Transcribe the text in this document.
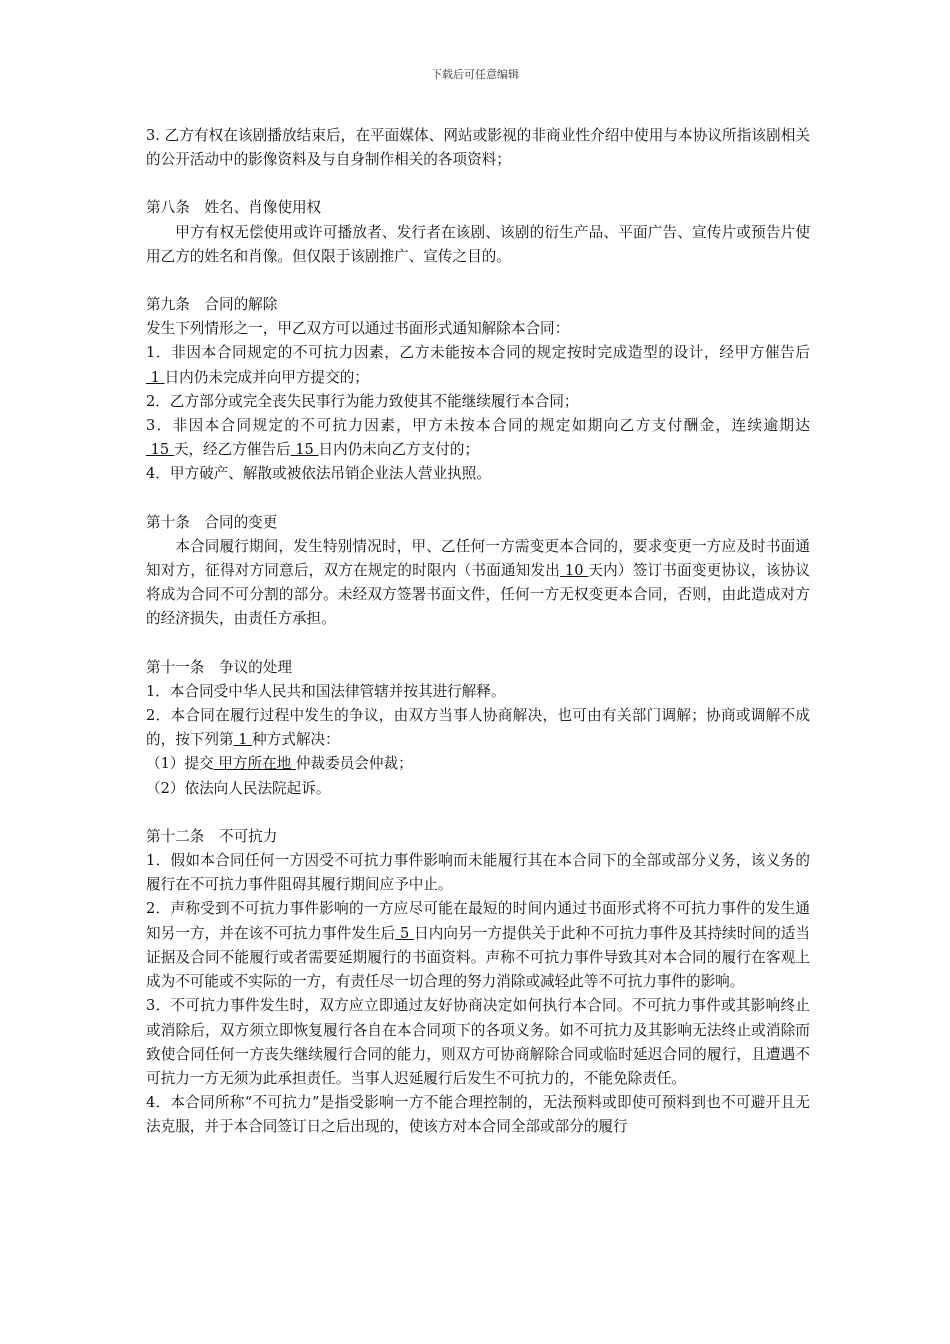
下载后可任意编辑

3. 乙方有权在该剧播放结束后，在平面媒体、网站或影视的非商业性介绍中使用与本协议所指该剧相关的公开活动中的影像资料及与自身制作相关的各项资料；

第八条　姓名、肖像使用权

甲方有权无偿使用或许可播放者、发行者在该剧、该剧的衍生产品、平面广告、宣传片或预告片使用乙方的姓名和肖像。但仅限于该剧推广、宣传之目的。

第九条　合同的解除

发生下列情形之一，甲乙双方可以通过书面形式通知解除本合同：

1．非因本合同规定的不可抗力因素，乙方未能按本合同的规定按时完成造型的设计，经甲方催告后 1 日内仍未完成并向甲方提交的；

2．乙方部分或完全丧失民事行为能力致使其不能继续履行本合同；

3．非因本合同规定的不可抗力因素，甲方未按本合同的规定如期向乙方支付酬金，连续逾期达 15 天，经乙方催告后 15 日内仍未向乙方支付的；

4．甲方破产、解散或被依法吊销企业法人营业执照。

第十条　合同的变更

本合同履行期间，发生特别情况时，甲、乙任何一方需变更本合同的，要求变更一方应及时书面通知对方，征得对方同意后，双方在规定的时限内（书面通知发出 10 天内）签订书面变更协议，该协议将成为合同不可分割的部分。未经双方签署书面文件，任何一方无权变更本合同，否则，由此造成对方的经济损失，由责任方承担。

第十一条　争议的处理

1．本合同受中华人民共和国法律管辖并按其进行解释。

2．本合同在履行过程中发生的争议，由双方当事人协商解决，也可由有关部门调解；协商或调解不成的，按下列第 1 种方式解决：

（1）提交 甲方所在地 仲裁委员会仲裁；

（2）依法向人民法院起诉。

第十二条　不可抗力

1．假如本合同任何一方因受不可抗力事件影响而未能履行其在本合同下的全部或部分义务，该义务的履行在不可抗力事件阻碍其履行期间应予中止。

2．声称受到不可抗力事件影响的一方应尽可能在最短的时间内通过书面形式将不可抗力事件的发生通知另一方，并在该不可抗力事件发生后 5 日内向另一方提供关于此种不可抗力事件及其持续时间的适当证据及合同不能履行或者需要延期履行的书面资料。声称不可抗力事件导致其对本合同的履行在客观上成为不可能或不实际的一方，有责任尽一切合理的努力消除或减轻此等不可抗力事件的影响。

3．不可抗力事件发生时，双方应立即通过友好协商决定如何执行本合同。不可抗力事件或其影响终止或消除后，双方须立即恢复履行各自在本合同项下的各项义务。如不可抗力及其影响无法终止或消除而致使合同任何一方丧失继续履行合同的能力，则双方可协商解除合同或临时延迟合同的履行，且遭遇不可抗力一方无须为此承担责任。当事人迟延履行后发生不可抗力的，不能免除责任。

4．本合同所称“不可抗力”是指受影响一方不能合理控制的，无法预料或即使可预料到也不可避开且无法克服，并于本合同签订日之后出现的，使该方对本合同全部或部分的履行
